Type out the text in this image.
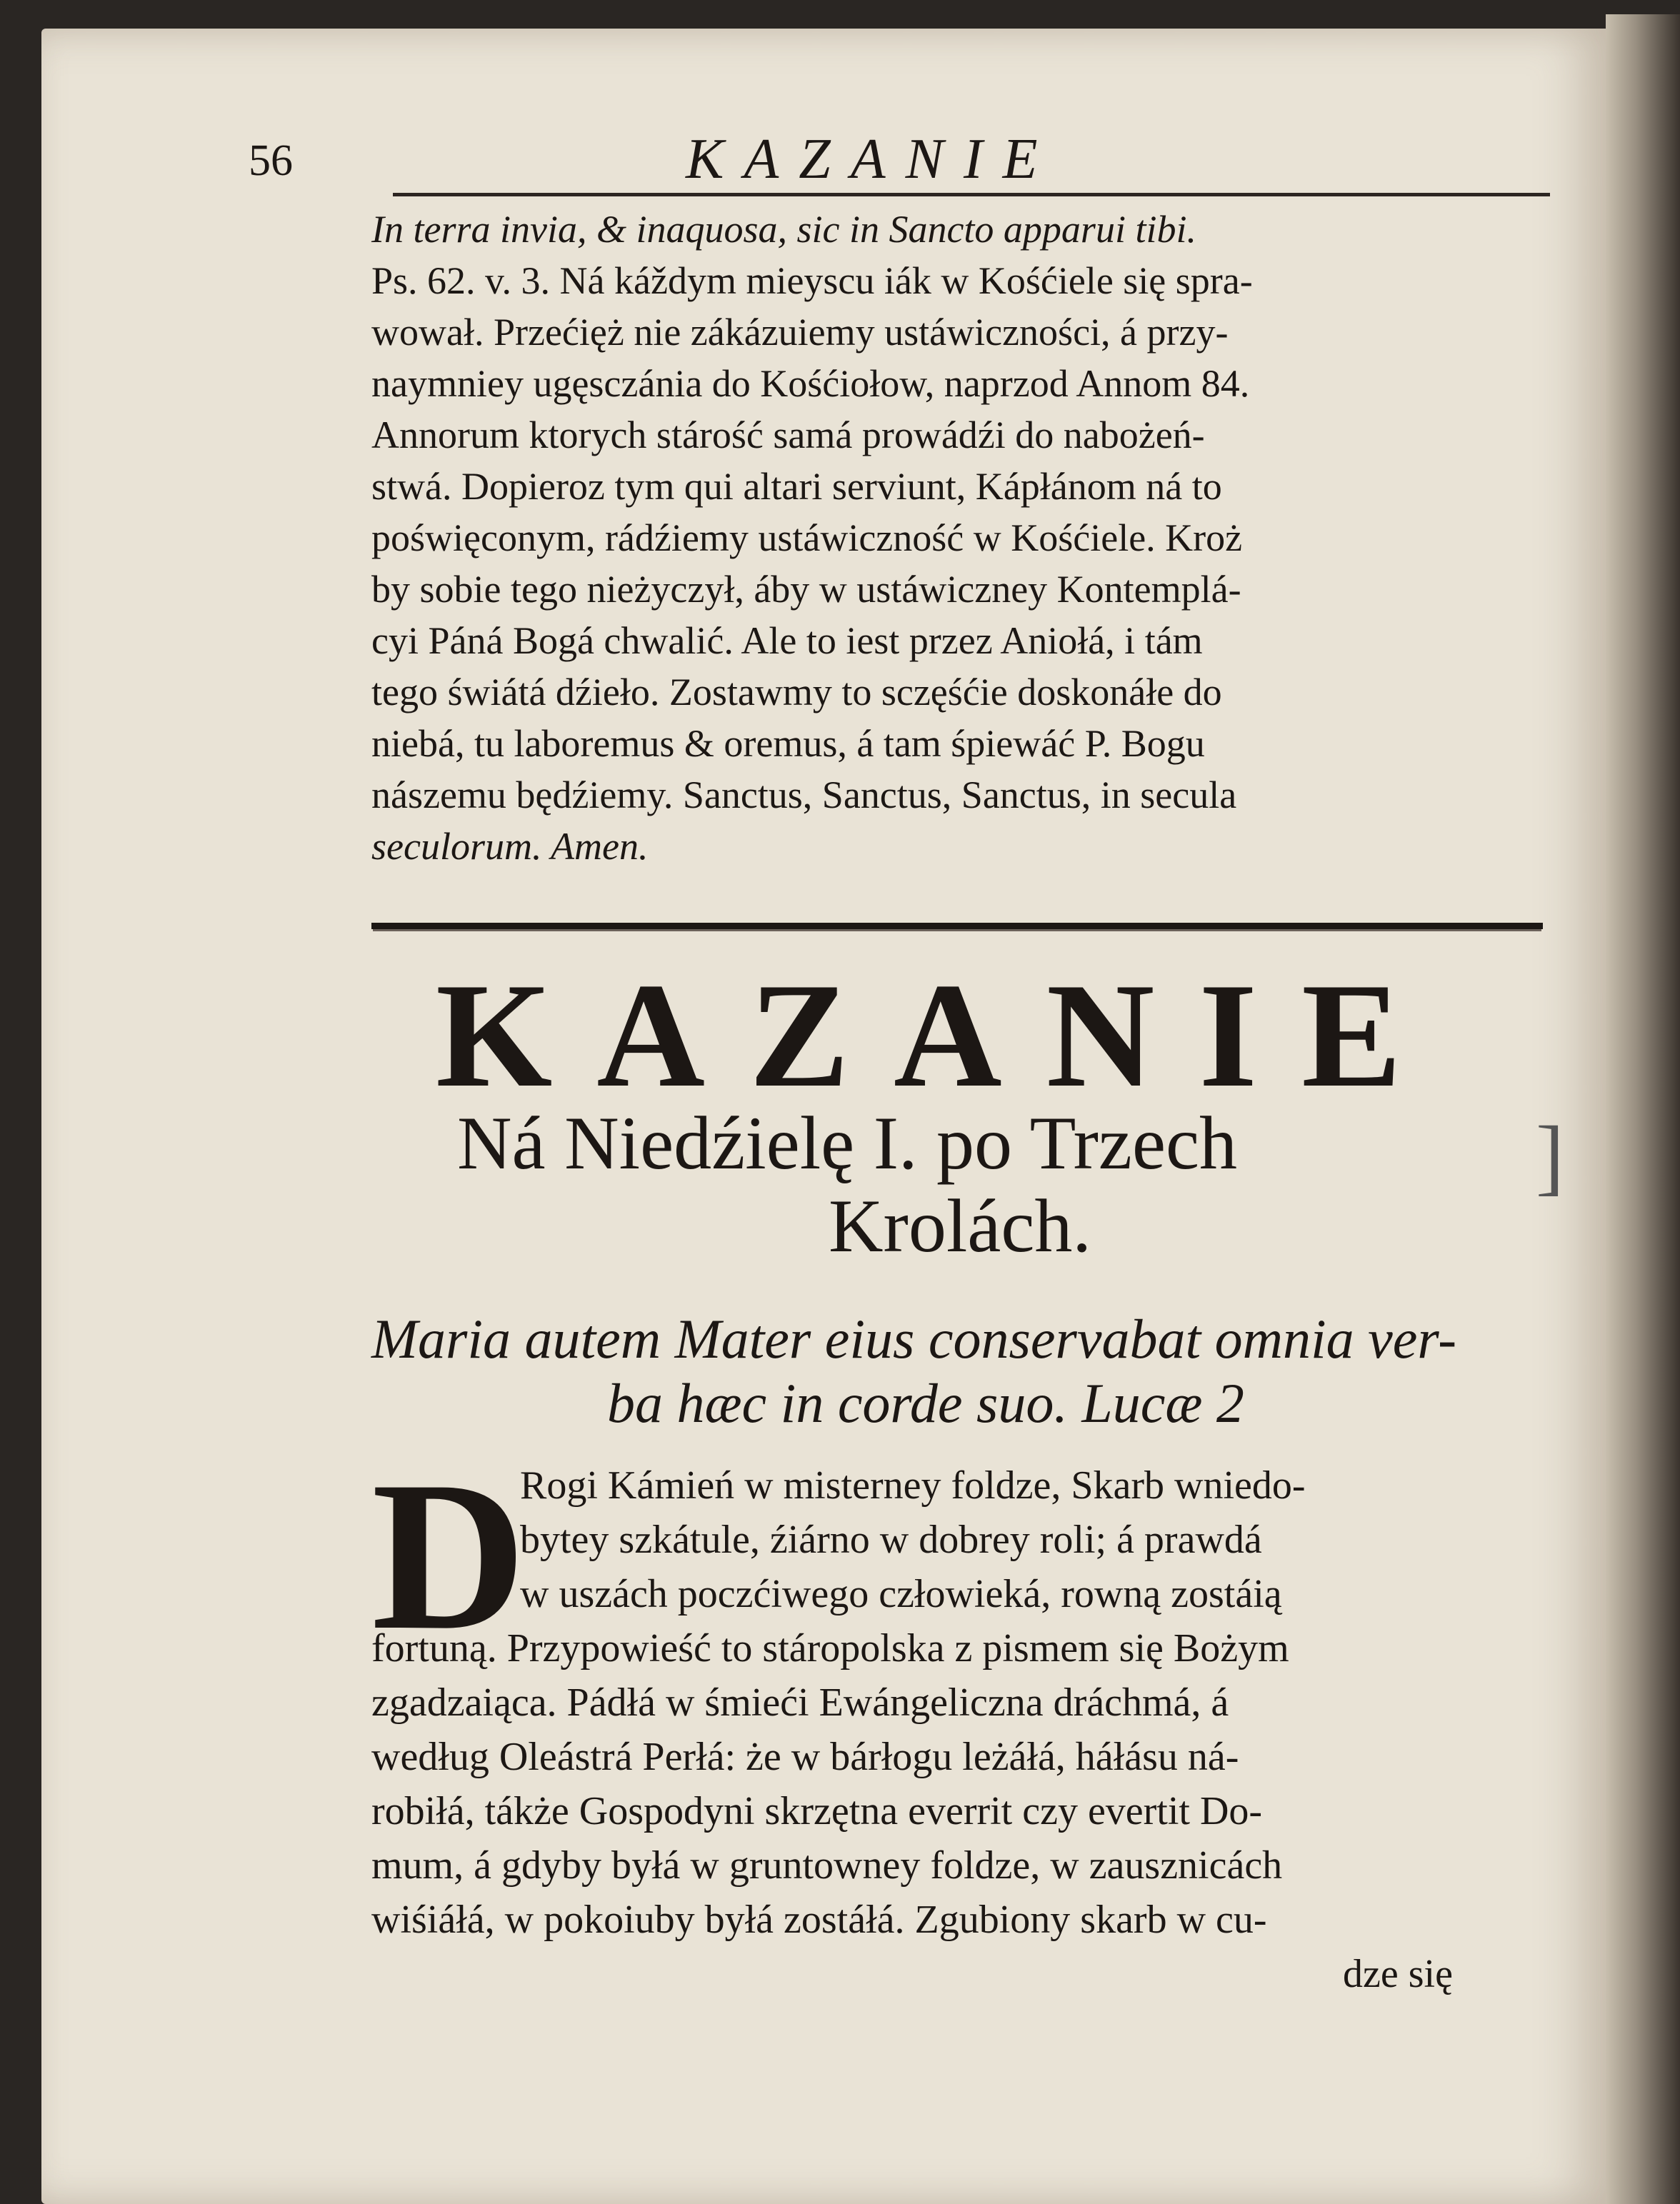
56	KAZANIE
In terra invia, & inaquosa, sic in Sancto apparui tibi.
Ps. 62. v. 3. Ná káždym mieyscu iák w Kośćiele się spra-
wował. Przećięż nie zákázuiemy ustáwiczności, á przy-
naymniey ugęsczánia do Kośćiołow, naprzod Annom 84.
Annorum ktorych stárość samá prowádźi do nabożeń-
stwá. Dopieroz tym qui altari serviunt, Kápłánom ná to
poświęconym, rádźiemy ustáwiczność w Kośćiele. Kroż
by sobie tego nieżyczył, áby w ustáwiczney Kontemplá-
cyi Páná Bogá chwalić. Ale to iest przez Aniołá, i tám
tego świátá dźieło. Zostawmy to sczęśćie doskonáłe do
niebá, tu laboremus & oremus, á tam śpiewáć P. Bogu
nászemu będźiemy. Sanctus, Sanctus, Sanctus, in secula
seculorum. Amen.
KAZANIE
Ná Niedźielę I. po Trzech
Krolách.
]
Maria autem Mater eius conservabat omnia ver-
ba hæc in corde suo. Lucæ 2
D
Rogi Kámień w misterney foldze, Skarb wniedo-
bytey szkátule, źiárno w dobrey roli; á prawdá
w uszách poczćiwego człowieká, rowną zostáią
fortuną. Przypowieść to stáropolska z pismem się Bożym
zgadzaiąca. Pádłá w śmieći Ewángeliczna dráchmá, á
według Oleástrá Perłá: że w bárłogu leżáłá, háłásu ná-
robiłá, tákże Gospodyni skrzętna everrit czy evertit Do-
mum, á gdyby byłá w gruntowney foldze, w zausznicách
wiśiáłá, w pokoiuby byłá zostáłá. Zgubiony skarb w cu-
dze się
